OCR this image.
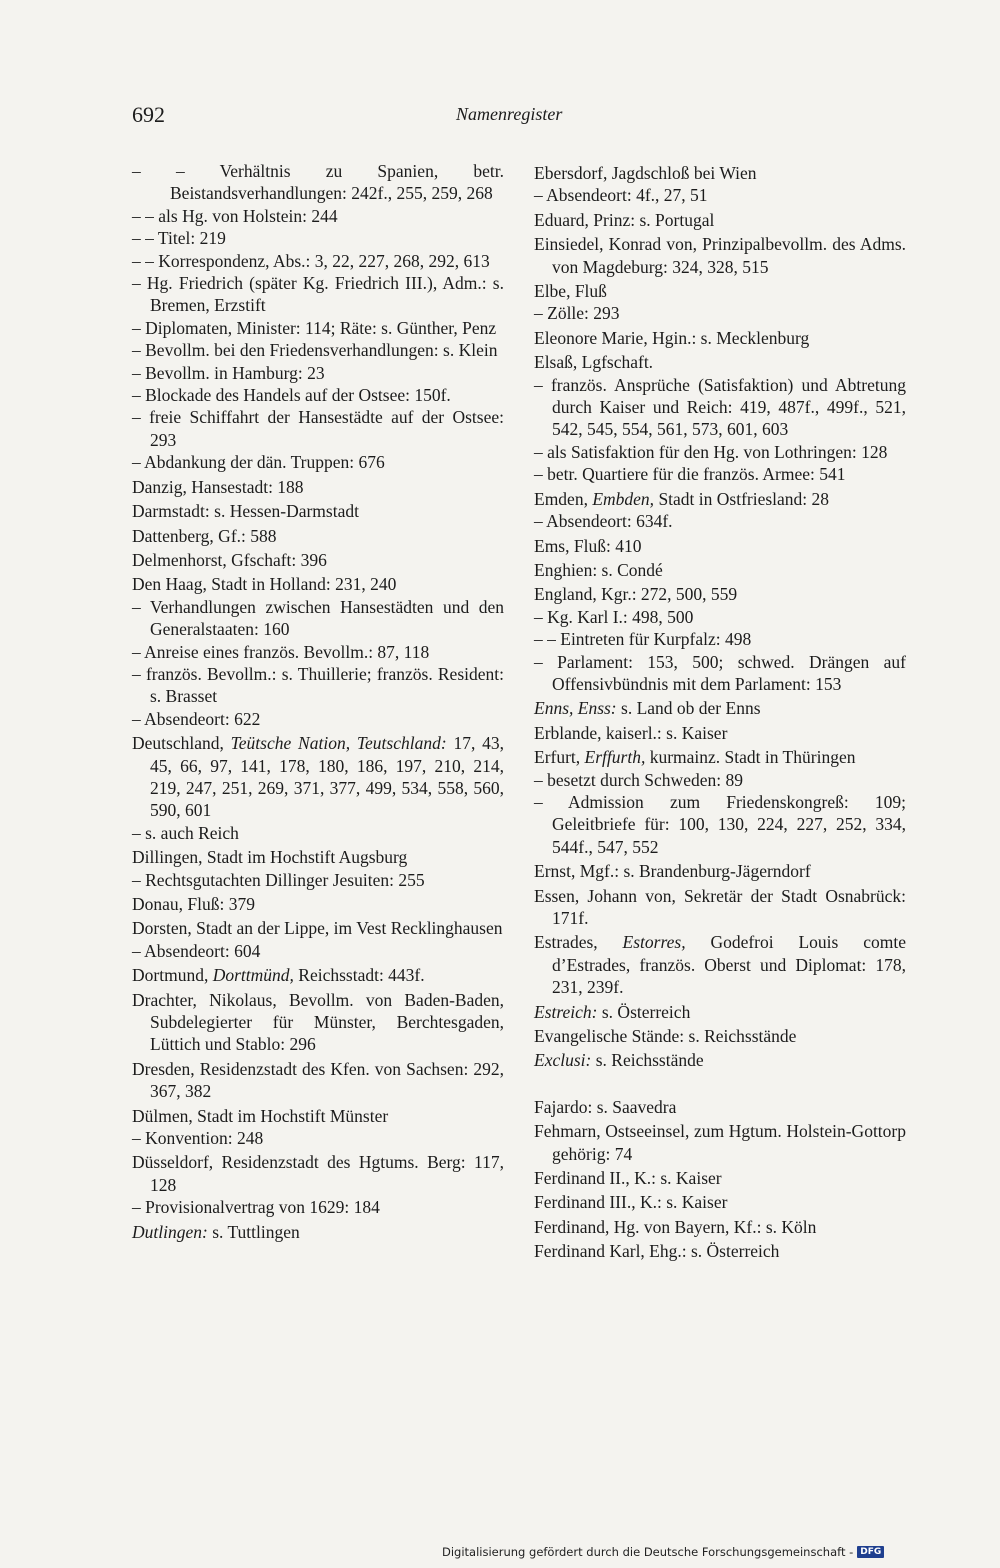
692	Namenregister
– – Verhältnis zu Spanien, betr. Beistandsverhandlungen: 242f., 255, 259, 268
– – als Hg. von Holstein: 244
– – Titel: 219
– – Korrespondenz, Abs.: 3, 22, 227, 268, 292, 613
– Hg. Friedrich (später Kg. Friedrich III.), Adm.: s. Bremen, Erzstift
– Diplomaten, Minister: 114; Räte: s. Günther, Penz
– Bevollm. bei den Friedensverhandlungen: s. Klein
– Bevollm. in Hamburg: 23
– Blockade des Handels auf der Ostsee: 150f.
– freie Schiffahrt der Hansestädte auf der Ostsee: 293
– Abdankung der dän. Truppen: 676
Danzig, Hansestadt: 188
Darmstadt: s. Hessen-Darmstadt
Dattenberg, Gf.: 588
Delmenhorst, Gfschaft: 396
Den Haag, Stadt in Holland: 231, 240
– Verhandlungen zwischen Hansestädten und den Generalstaaten: 160
– Anreise eines französ. Bevollm.: 87, 118
– französ. Bevollm.: s. Thuillerie; französ. Resident: s. Brasset
– Absendeort: 622
Deutschland, Teütsche Nation, Teutschland: 17, 43, 45, 66, 97, 141, 178, 180, 186, 197, 210, 214, 219, 247, 251, 269, 371, 377, 499, 534, 558, 560, 590, 601
– s. auch Reich
Dillingen, Stadt im Hochstift Augsburg
– Rechtsgutachten Dillinger Jesuiten: 255
Donau, Fluß: 379
Dorsten, Stadt an der Lippe, im Vest Recklinghausen
– Absendeort: 604
Dortmund, Dorttmünd, Reichsstadt: 443f.
Drachter, Nikolaus, Bevollm. von Baden-Baden, Subdelegierter für Münster, Berchtesgaden, Lüttich und Stablo: 296
Dresden, Residenzstadt des Kfen. von Sachsen: 292, 367, 382
Dülmen, Stadt im Hochstift Münster
– Konvention: 248
Düsseldorf, Residenzstadt des Hgtums. Berg: 117, 128
– Provisionalvertrag von 1629: 184
Dutlingen: s. Tuttlingen
Ebersdorf, Jagdschloß bei Wien
– Absendeort: 4f., 27, 51
Eduard, Prinz: s. Portugal
Einsiedel, Konrad von, Prinzipalbevollm. des Adms. von Magdeburg: 324, 328, 515
Elbe, Fluß
– Zölle: 293
Eleonore Marie, Hgin.: s. Mecklenburg
Elsaß, Lgfschaft.
– französ. Ansprüche (Satisfaktion) und Abtretung durch Kaiser und Reich: 419, 487f., 499f., 521, 542, 545, 554, 561, 573, 601, 603
– als Satisfaktion für den Hg. von Lothringen: 128
– betr. Quartiere für die französ. Armee: 541
Emden, Embden, Stadt in Ostfriesland: 28
– Absendeort: 634f.
Ems, Fluß: 410
Enghien: s. Condé
England, Kgr.: 272, 500, 559
– Kg. Karl I.: 498, 500
– – Eintreten für Kurpfalz: 498
– Parlament: 153, 500; schwed. Drängen auf Offensivbündnis mit dem Parlament: 153
Enns, Enss: s. Land ob der Enns
Erblande, kaiserl.: s. Kaiser
Erfurt, Erffurth, kurmainz. Stadt in Thüringen
– besetzt durch Schweden: 89
– Admission zum Friedenskongreß: 109; Geleitbriefe für: 100, 130, 224, 227, 252, 334, 544f., 547, 552
Ernst, Mgf.: s. Brandenburg-Jägerndorf
Essen, Johann von, Sekretär der Stadt Osnabrück: 171f.
Estrades, Estorres, Godefroi Louis comte d’Estrades, französ. Oberst und Diplomat: 178, 231, 239f.
Estreich: s. Österreich
Evangelische Stände: s. Reichsstände
Exclusi: s. Reichsstände
Fajardo: s. Saavedra
Fehmarn, Ostseeinsel, zum Hgtum. Holstein-Gottorp gehörig: 74
Ferdinand II., K.: s. Kaiser
Ferdinand III., K.: s. Kaiser
Ferdinand, Hg. von Bayern, Kf.: s. Köln
Ferdinand Karl, Ehg.: s. Österreich
Digitalisierung gefördert durch die Deutsche Forschungsgemeinschaft - DFG
